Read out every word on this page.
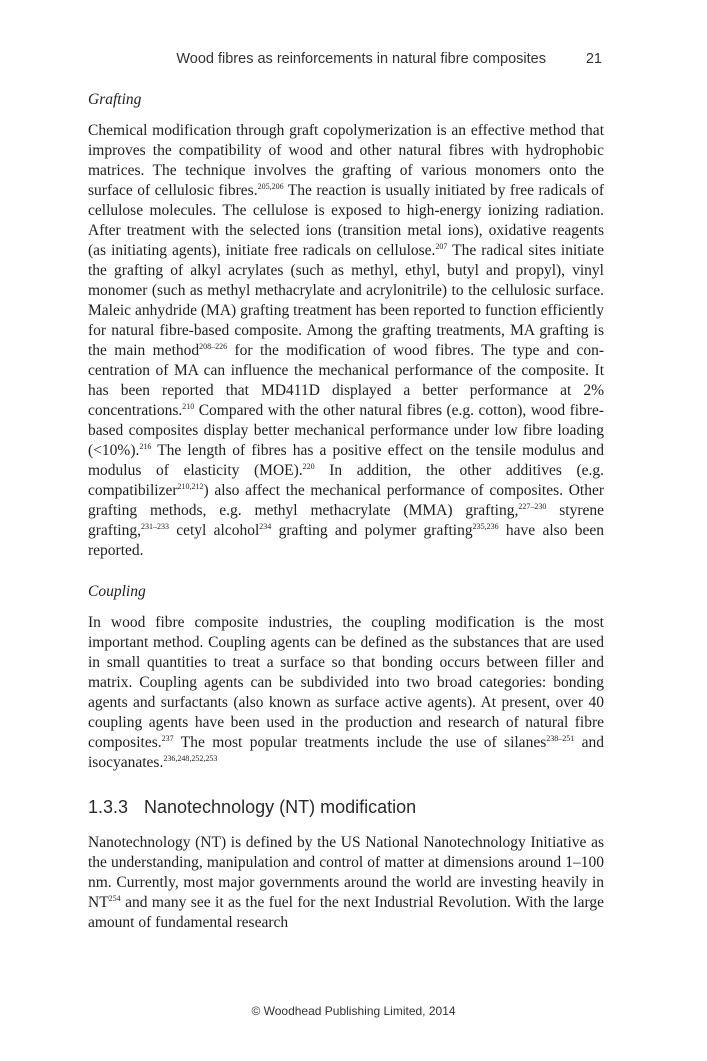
Wood fibres as reinforcements in natural fibre composites	21

Grafting

Chemical modification through graft copolymerization is an effective method that improves the compatibility of wood and other natural fibres with hydrophobic matrices. The technique involves the grafting of various monomers onto the surface of cellulosic fibres.$^{205,206}$ The reaction is usually initiated by free radicals of cellulose molecules. The cellulose is exposed to high-energy ionizing radiation. After treatment with the selected ions (transition metal ions), oxidative reagents (as initiating agents), initiate free radicals on cellulose.$^{207}$ The radical sites initiate the grafting of alkyl acrylates (such as methyl, ethyl, butyl and propyl), vinyl monomer (such as methyl methacrylate and acrylonitrile) to the cellulosic surface. Maleic anhydride (MA) grafting treatment has been reported to function efficiently for natural fibre-based composite. Among the grafting treatments, MA grafting is the main method$^{208-226}$ for the modification of wood fibres. The type and concentration of MA can influence the mechanical performance of the composite. It has been reported that MD411D displayed a better performance at 2% concentrations.$^{210}$ Compared with the other natural fibres (e.g. cotton), wood fibre-based composites display better mechanical performance under low fibre loading (<10%).$^{216}$ The length of fibres has a positive effect on the tensile modulus and modulus of elasticity (MOE).$^{220}$ In addition, the other additives (e.g. compatibilizer$^{210,212}$) also affect the mechanical performance of composites. Other grafting methods, e.g. methyl methacrylate (MMA) grafting,$^{227-230}$ styrene grafting,$^{231-233}$ cetyl alcohol$^{234}$ grafting and polymer grafting$^{235,236}$ have also been reported.

Coupling

In wood fibre composite industries, the coupling modification is the most important method. Coupling agents can be defined as the substances that are used in small quantities to treat a surface so that bonding occurs between filler and matrix. Coupling agents can be subdivided into two broad categories: bonding agents and surfactants (also known as surface active agents). At present, over 40 coupling agents have been used in the production and research of natural fibre composites.$^{237}$ The most popular treatments include the use of silanes$^{238-251}$ and isocyanates.$^{236,248,252,253}$

1.3.3 Nanotechnology (NT) modification

Nanotechnology (NT) is defined by the US National Nanotechnology Initiative as the understanding, manipulation and control of matter at dimensions around 1–100 nm. Currently, most major governments around the world are investing heavily in NT$^{254}$ and many see it as the fuel for the next Industrial Revolution. With the large amount of fundamental research

© Woodhead Publishing Limited, 2014
